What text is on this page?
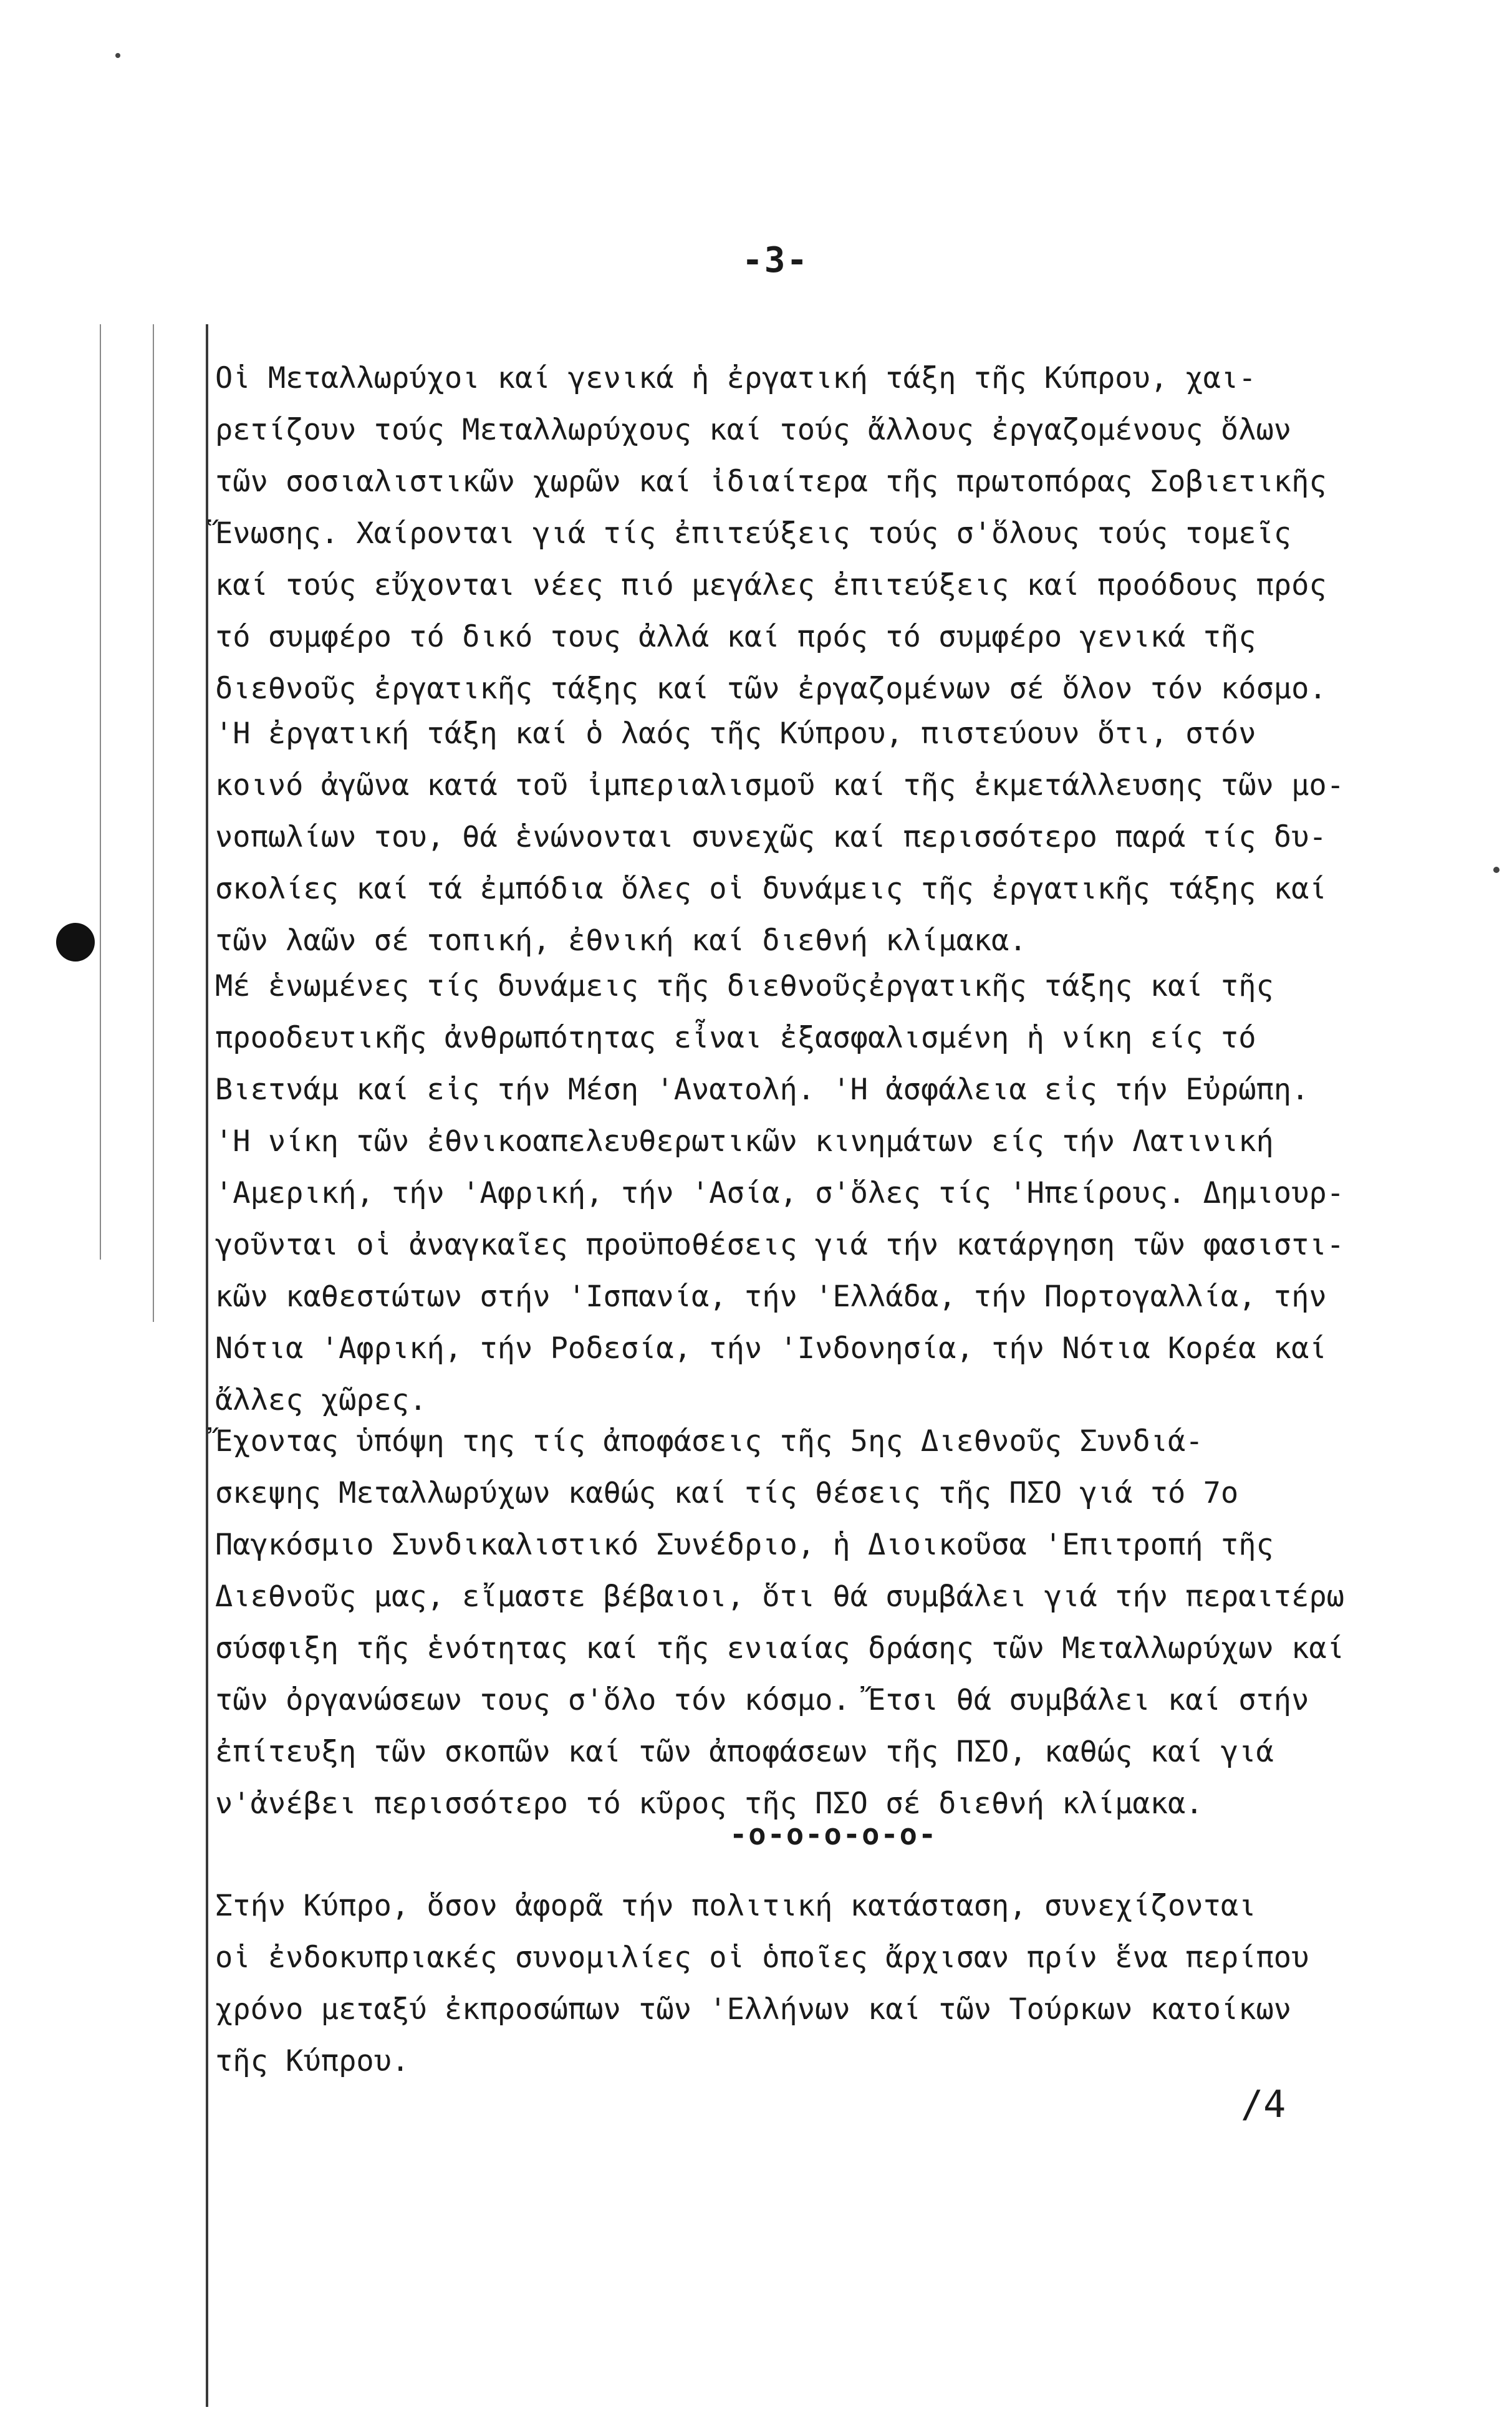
-3-

Οἱ Μεταλλωρύχοι καί γενικά ἡ ἐργατική τάξη τῆς Κύπρου, χαι-
ρετίζουν τούς Μεταλλωρύχους καί τούς ἄλλους ἐργαζομένους ὅλων
τῶν σοσιαλιστικῶν χωρῶν καί ἰδιαίτερα τῆς πρωτοπόρας Σοβιετικῆς
Ἕνωσης. Χαίρονται γιά τίς ἐπιτεύξεις τούς σ'ὅλους τούς τομεῖς
καί τούς εὔχονται νέες πιό μεγάλες ἐπιτεύξεις καί προόδους πρός
τό συμφέρο τό δικό τους ἀλλά καί πρός τό συμφέρο γενικά τῆς
διεθνοῦς ἐργατικῆς τάξης καί τῶν ἐργαζομένων σέ ὅλον τόν κόσμο.

'Η ἐργατική τάξη καί ὁ λαός τῆς Κύπρου, πιστεύουν ὅτι, στόν
κοινό ἀγῶνα κατά τοῦ ἰμπεριαλισμοῦ καί τῆς ἐκμετάλλευσης τῶν μο-
νοπωλίων του, θά ἑνώνονται συνεχῶς καί περισσότερο παρά τίς δυ-
σκολίες καί τά ἐμπόδια ὅλες οἱ δυνάμεις τῆς ἐργατικῆς τάξης καί
τῶν λαῶν σέ τοπική, ἐθνική καί διεθνή κλίμακα.

Μέ ἑνωμένες τίς δυνάμεις τῆς διεθνοῦςἐργατικῆς τάξης καί τῆς
προοδευτικῆς ἀνθρωπότητας εἶναι ἐξασφαλισμένη ἡ νίκη είς τό
Βιετνάμ καί εἰς τήν Μέση 'Ανατολή. 'Η ἀσφάλεια εἰς τήν Εὐρώπη.
'Η νίκη τῶν ἐθνικοαπελευθερωτικῶν κινημάτων είς τήν Λατινική
'Αμερική, τήν 'Αφρική, τήν 'Ασία, σ'ὅλες τίς 'Ηπείρους. Δημιουρ-
γοῦνται οἱ ἀναγκαῖες προϋποθέσεις γιά τήν κατάργηση τῶν φασιστι-
κῶν καθεστώτων στήν 'Ισπανία, τήν 'Ελλάδα, τήν Πορτογαλλία, τήν
Νότια 'Αφρική, τήν Ροδεσία, τήν 'Ινδονησία, τήν Νότια Κορέα καί
ἄλλες χῶρες.

Ἔχοντας ὑπόψη της τίς ἀποφάσεις τῆς 5ης Διεθνοῦς Συνδιά-
σκεψης Μεταλλωρύχων καθώς καί τίς θέσεις τῆς ΠΣΟ γιά τό 7ο
Παγκόσμιο Συνδικαλιστικό Συνέδριο, ἡ Διοικοῦσα 'Επιτροπή τῆς
Διεθνοῦς μας, εἴμαστε βέβαιοι, ὅτι θά συμβάλει γιά τήν περαιτέρω
σύσφιξη τῆς ἑνότητας καί τῆς ενιαίας δράσης τῶν Μεταλλωρύχων καί
τῶν ὀργανώσεων τους σ'ὅλο τόν κόσμο. Ἔτσι θά συμβάλει καί στήν
ἐπίτευξη τῶν σκοπῶν καί τῶν ἀποφάσεων τῆς ΠΣΟ, καθώς καί γιά
ν'ἀνέβει περισσότερο τό κῦρος τῆς ΠΣΟ σέ διεθνή κλίμακα.

-o-o-o-o-o-

Στήν Κύπρο, ὅσον ἀφορᾶ τήν πολιτική κατάσταση, συνεχίζονται
οἱ ἐνδοκυπριακές συνομιλίες οἱ ὁποῖες ἄρχισαν πρίν ἕνα περίπου
χρόνο μεταξύ ἐκπροσώπων τῶν 'Ελλήνων καί τῶν Τούρκων κατοίκων
τῆς Κύπρου.

/4
